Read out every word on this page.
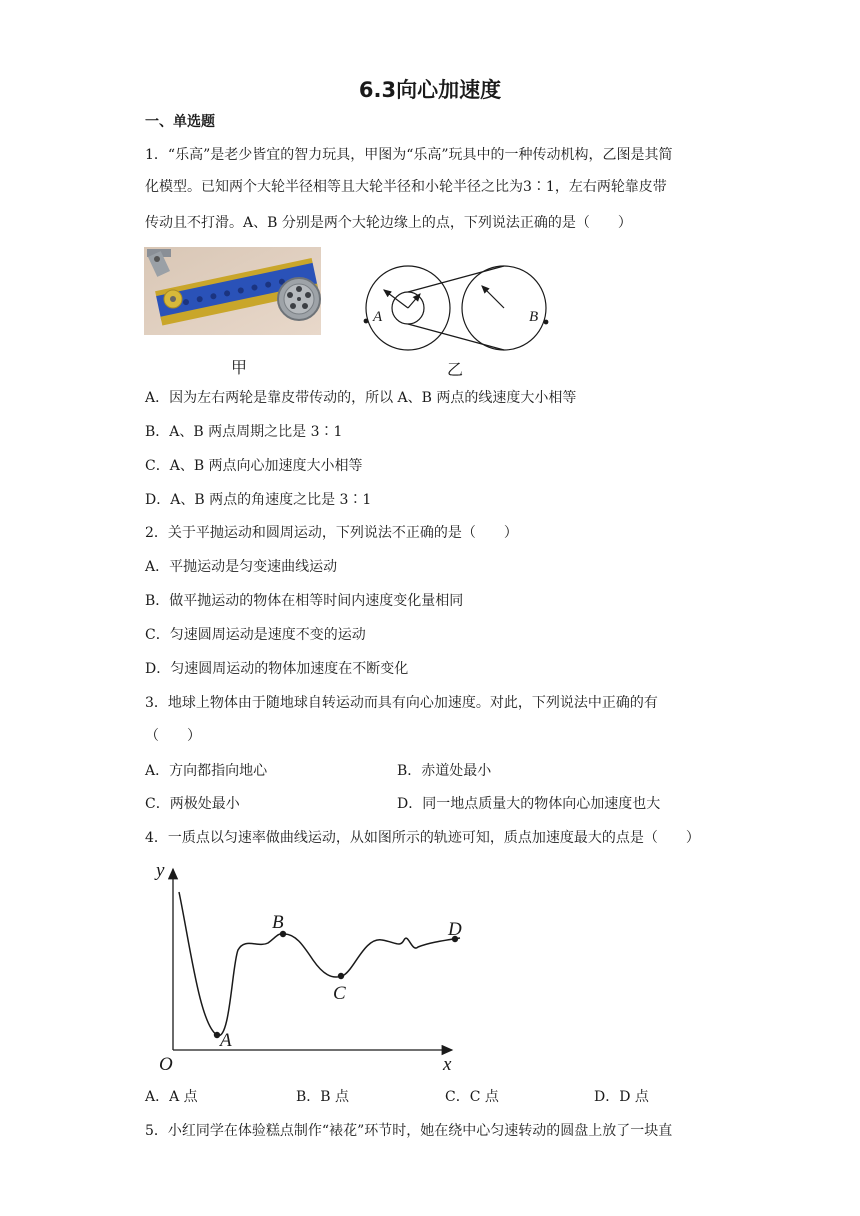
6.3向心加速度
一、单选题
1．“乐高”是老少皆宜的智力玩具，甲图为“乐高”玩具中的一种传动机构，乙图是其简
化模型。已知两个大轮半径相等且大轮半径和小轮半径之比为3∶1，左右两轮靠皮带
传动且不打滑。A、B 分别是两个大轮边缘上的点，下列说法正确的是（　　）
甲
A	B
乙
A．因为左右两轮是靠皮带传动的，所以 A、B 两点的线速度大小相等
B．A、B 两点周期之比是 3∶1
C．A、B 两点向心加速度大小相等
D．A、B 两点的角速度之比是 3∶1
2．关于平抛运动和圆周运动，下列说法不正确的是（　　）
A．平抛运动是匀变速曲线运动
B．做平抛运动的物体在相等时间内速度变化量相同
C．匀速圆周运动是速度不变的运动
D．匀速圆周运动的物体加速度在不断变化
3．地球上物体由于随地球自转运动而具有向心加速度。对此，下列说法中正确的有
（　　）
A．方向都指向地心	B．赤道处最小
C．两极处最小	D．同一地点质量大的物体向心加速度也大
4．一质点以匀速率做曲线运动，从如图所示的轨迹可知，质点加速度最大的点是（　　）
y
x
O
A
B
C
D
A．A 点	B．B 点	C．C 点	D．D 点
5．小红同学在体验糕点制作“裱花”环节时，她在绕中心匀速转动的圆盘上放了一块直
